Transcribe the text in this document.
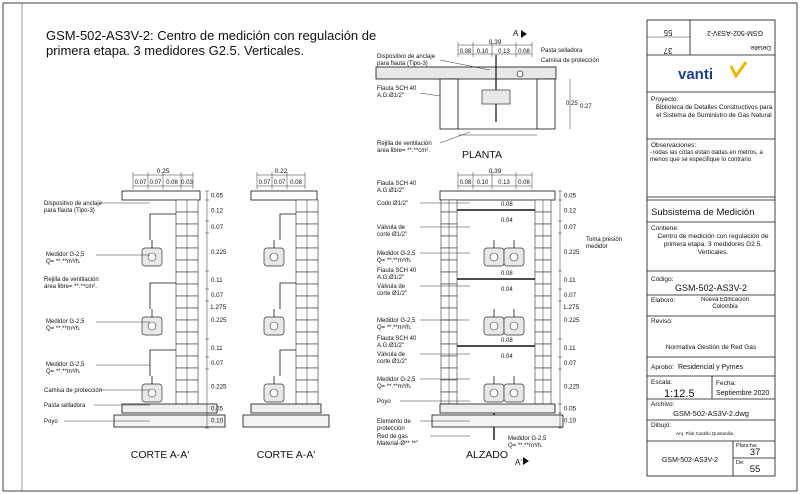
GSM-502-AS3V-2: Centro de medición con regulación de
primera etapa. 3 medidores G2.5. Verticales.
55
37
GSM-502-AS3V-2
Detalle:
vanti
Proyecto:
Biblioteca de Detalles Constructivos para el Sistema de Suministro de Gas Natural
Observaciones:
-Todas las cotas están dadas en metros, a menos que se especifique lo contrario
Subsistema de Medición
Contiene:
Centro de medición con regulación de primera etapa. 3 medidores G2.5. Verticales.
Código:
GSM-502-AS3V-2
Elaboró:	Nueva Edificación Colombia
Revisó:
Normativa Gestión de Red Gas
Aprobó: Residencial y Pymes
Escala:
1:12.5
Fecha:
Septiembre 2020
Archivo:
GSM-502-AS3V-2.dwg
Dibujó:
Arq. Pilar Castillo Quintanilla
GSM-502-AS3V-2
Plancha:
37
De:
55
0.25
0.07 0.07 0.08 0.03
0.05
0.12
0.07
0.225
0.11
0.07
0.225
0.11
0.07
0.225
0.05
0.10
1.275
Dispositivo de anclaje
para flauta (Tipo-3)
Medidor G-2,5
Q= **.**m³/h.
Medidor G-2,5
Q= **.**m³/h.
Medidor G-2,5
Q= **.**m³/h.
Rejilla de ventilación
área libre= **.**cm².
Camisa de protección
Pasta selladora
Poyo
0.22
0.07 0.07 0.08
0.39
0.08 0.10 0.13 0.08
0.08
0.04
0.08
0.04
0.08
0.04
0.05
0.12
0.07
0.225
0.11
0.07
0.225
0.11
0.07
0.225
0.05
0.10
1.275
Flauta SCH 40
A.G.Ø1/2"
Codo Ø1/2"
Válvula de
corte Ø1/2"
Medidor G-2,5
Q= **.**m³/h.
Flauta SCH 40
A.G.Ø1/2"
Válvula de
corte Ø1/2"
Medidor G-2,5
Q= **.**m³/h.
Flauta SCH 40
A.G.Ø1/2"
Válvula de
corte Ø1/2"
Medidor G-2,5
Q= **.**m³/h.
Poyo
Elemento de
protección
Red de gas
Material-Ø** **"
Medidor G-2,5
Q= **.**m³/h.
Toma presión
medidor
0.39
0.08 0.10 0.13 0.08
0.25 0.27
Dispositivo de anclaje
para flauta (Tipo-3)
Flauta SCH 40
A.G.Ø1/2"
Rejilla de ventilación
área libre= **.**cm².
Pasta selladora
Camisa de protección
CORTE A-A'	CORTE A-A'	ALZADO
PLANTA
A
A'
